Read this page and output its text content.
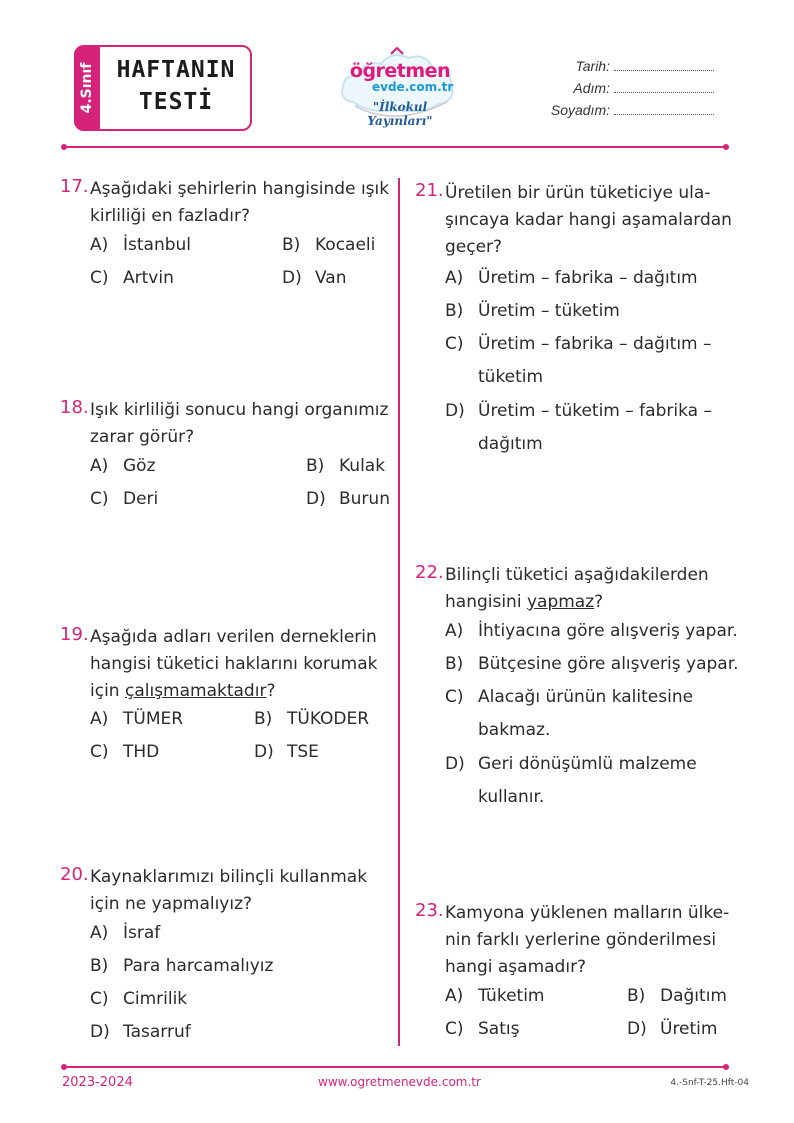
4.Sınıf HAFTANIN
TESTİ
öğretmen
evde.com.tr
"İlkokul Yayınları"
Tarih:
Adım:
Soyadım:
17. Aşağıdaki şehirlerin hangisinde ışık
kirliliği en fazladır?
A) İstanbul	B) Kocaeli
C) Artvin	D) Van
18. Işık kirliliği sonucu hangi organımız
zarar görür?
A) Göz	B) Kulak
C) Deri	D) Burun
19. Aşağıda adları verilen derneklerin
hangisi tüketici haklarını korumak
için çalışmamaktadır?
A) TÜMER	B) TÜKODER
C) THD	D) TSE
20. Kaynaklarımızı bilinçli kullanmak
için ne yapmalıyız?
A) İsraf
B) Para harcamalıyız
C) Cimrilik
D) Tasarruf
21. Üretilen bir ürün tüketiciye ula-
şıncaya kadar hangi aşamalardan
geçer?
A) Üretim – fabrika – dağıtım
B) Üretim – tüketim
C) Üretim – fabrika – dağıtım –
tüketim
D) Üretim – tüketim – fabrika –
dağıtım
22. Bilinçli tüketici aşağıdakilerden
hangisini yapmaz?
A) İhtiyacına göre alışveriş yapar.
B) Bütçesine göre alışveriş yapar.
C) Alacağı ürünün kalitesine
bakmaz.
D) Geri dönüşümlü malzeme
kullanır.
23. Kamyona yüklenen malların ülke-
nin farklı yerlerine gönderilmesi
hangi aşamadır?
A) Tüketim	B) Dağıtım
C) Satış	D) Üretim
2023-2024	www.ogretmenevde.com.tr	4.-Snf-T-25.Hft-04
